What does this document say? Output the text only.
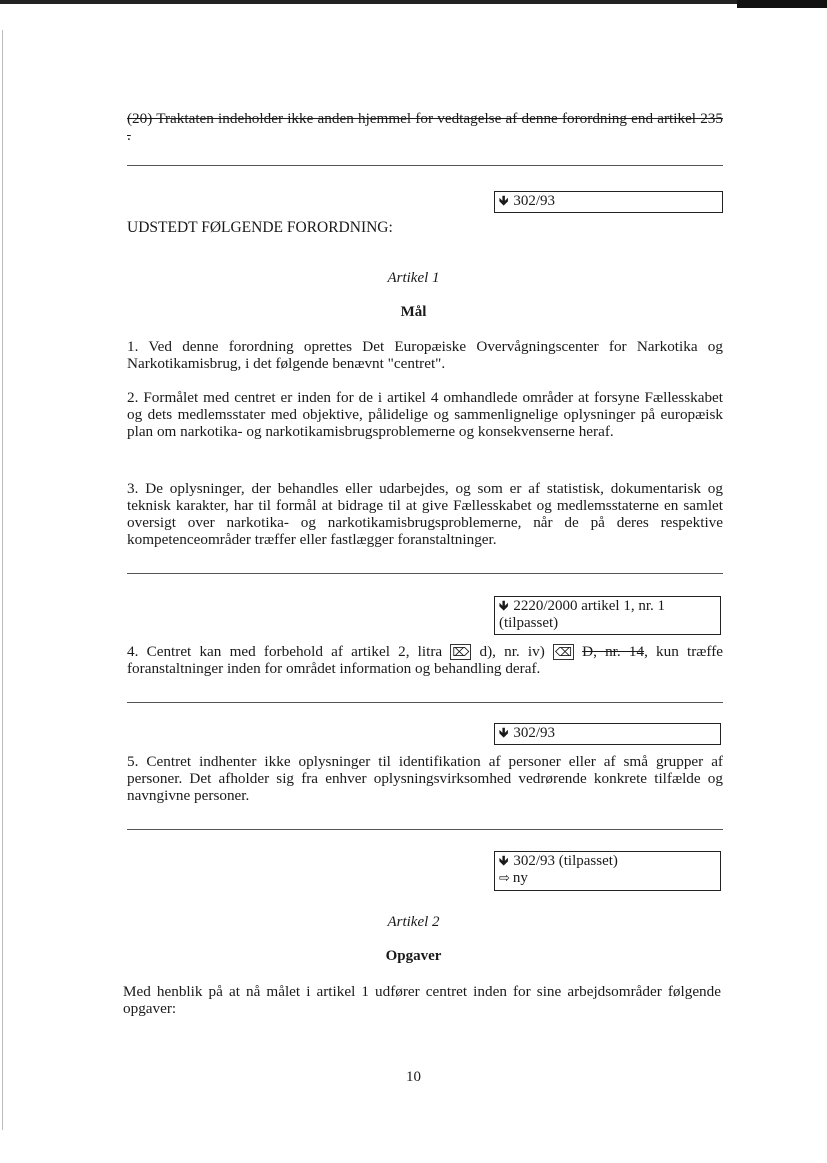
(20) Traktaten indeholder ikke anden hjemmel for vedtagelse af denne forordning end artikel 235 .
🡻 302/93
UDSTEDT FØLGENDE FORORDNING:
Artikel 1
Mål
1. Ved denne forordning oprettes Det Europæiske Overvågningscenter for Narkotika og Narkotikamisbrug, i det følgende benævnt "centret".
2. Formålet med centret er inden for de i artikel 4 omhandlede områder at forsyne Fællesskabet og dets medlemsstater med objektive, pålidelige og sammenlignelige oplysninger på europæisk plan om narkotika- og narkotikamisbrugsproblemerne og konsekvenserne heraf.
3. De oplysninger, der behandles eller udarbejdes, og som er af statistisk, dokumentarisk og teknisk karakter, har til formål at bidrage til at give Fællesskabet og medlemsstaterne en samlet oversigt over narkotika- og narkotikamisbrugsproblemerne, når de på deres respektive kompetenceområder træffer eller fastlægger foranstaltninger.
🡻 2220/2000 artikel 1, nr. 1
(tilpasset)
4. Centret kan med forbehold af artikel 2, litra ⌦ d), nr. iv) ⌫ D, nr. 14, kun træffe
foranstaltninger inden for området information og behandling deraf.
🡻 302/93
5. Centret indhenter ikke oplysninger til identifikation af personer eller af små grupper af personer. Det afholder sig fra enhver oplysningsvirksomhed vedrørende konkrete tilfælde og navngivne personer.
🡻 302/93 (tilpasset)
⇨ ny
Artikel 2
Opgaver
Med henblik på at nå målet i artikel 1 udfører centret inden for sine arbejdsområder følgende opgaver:
10
